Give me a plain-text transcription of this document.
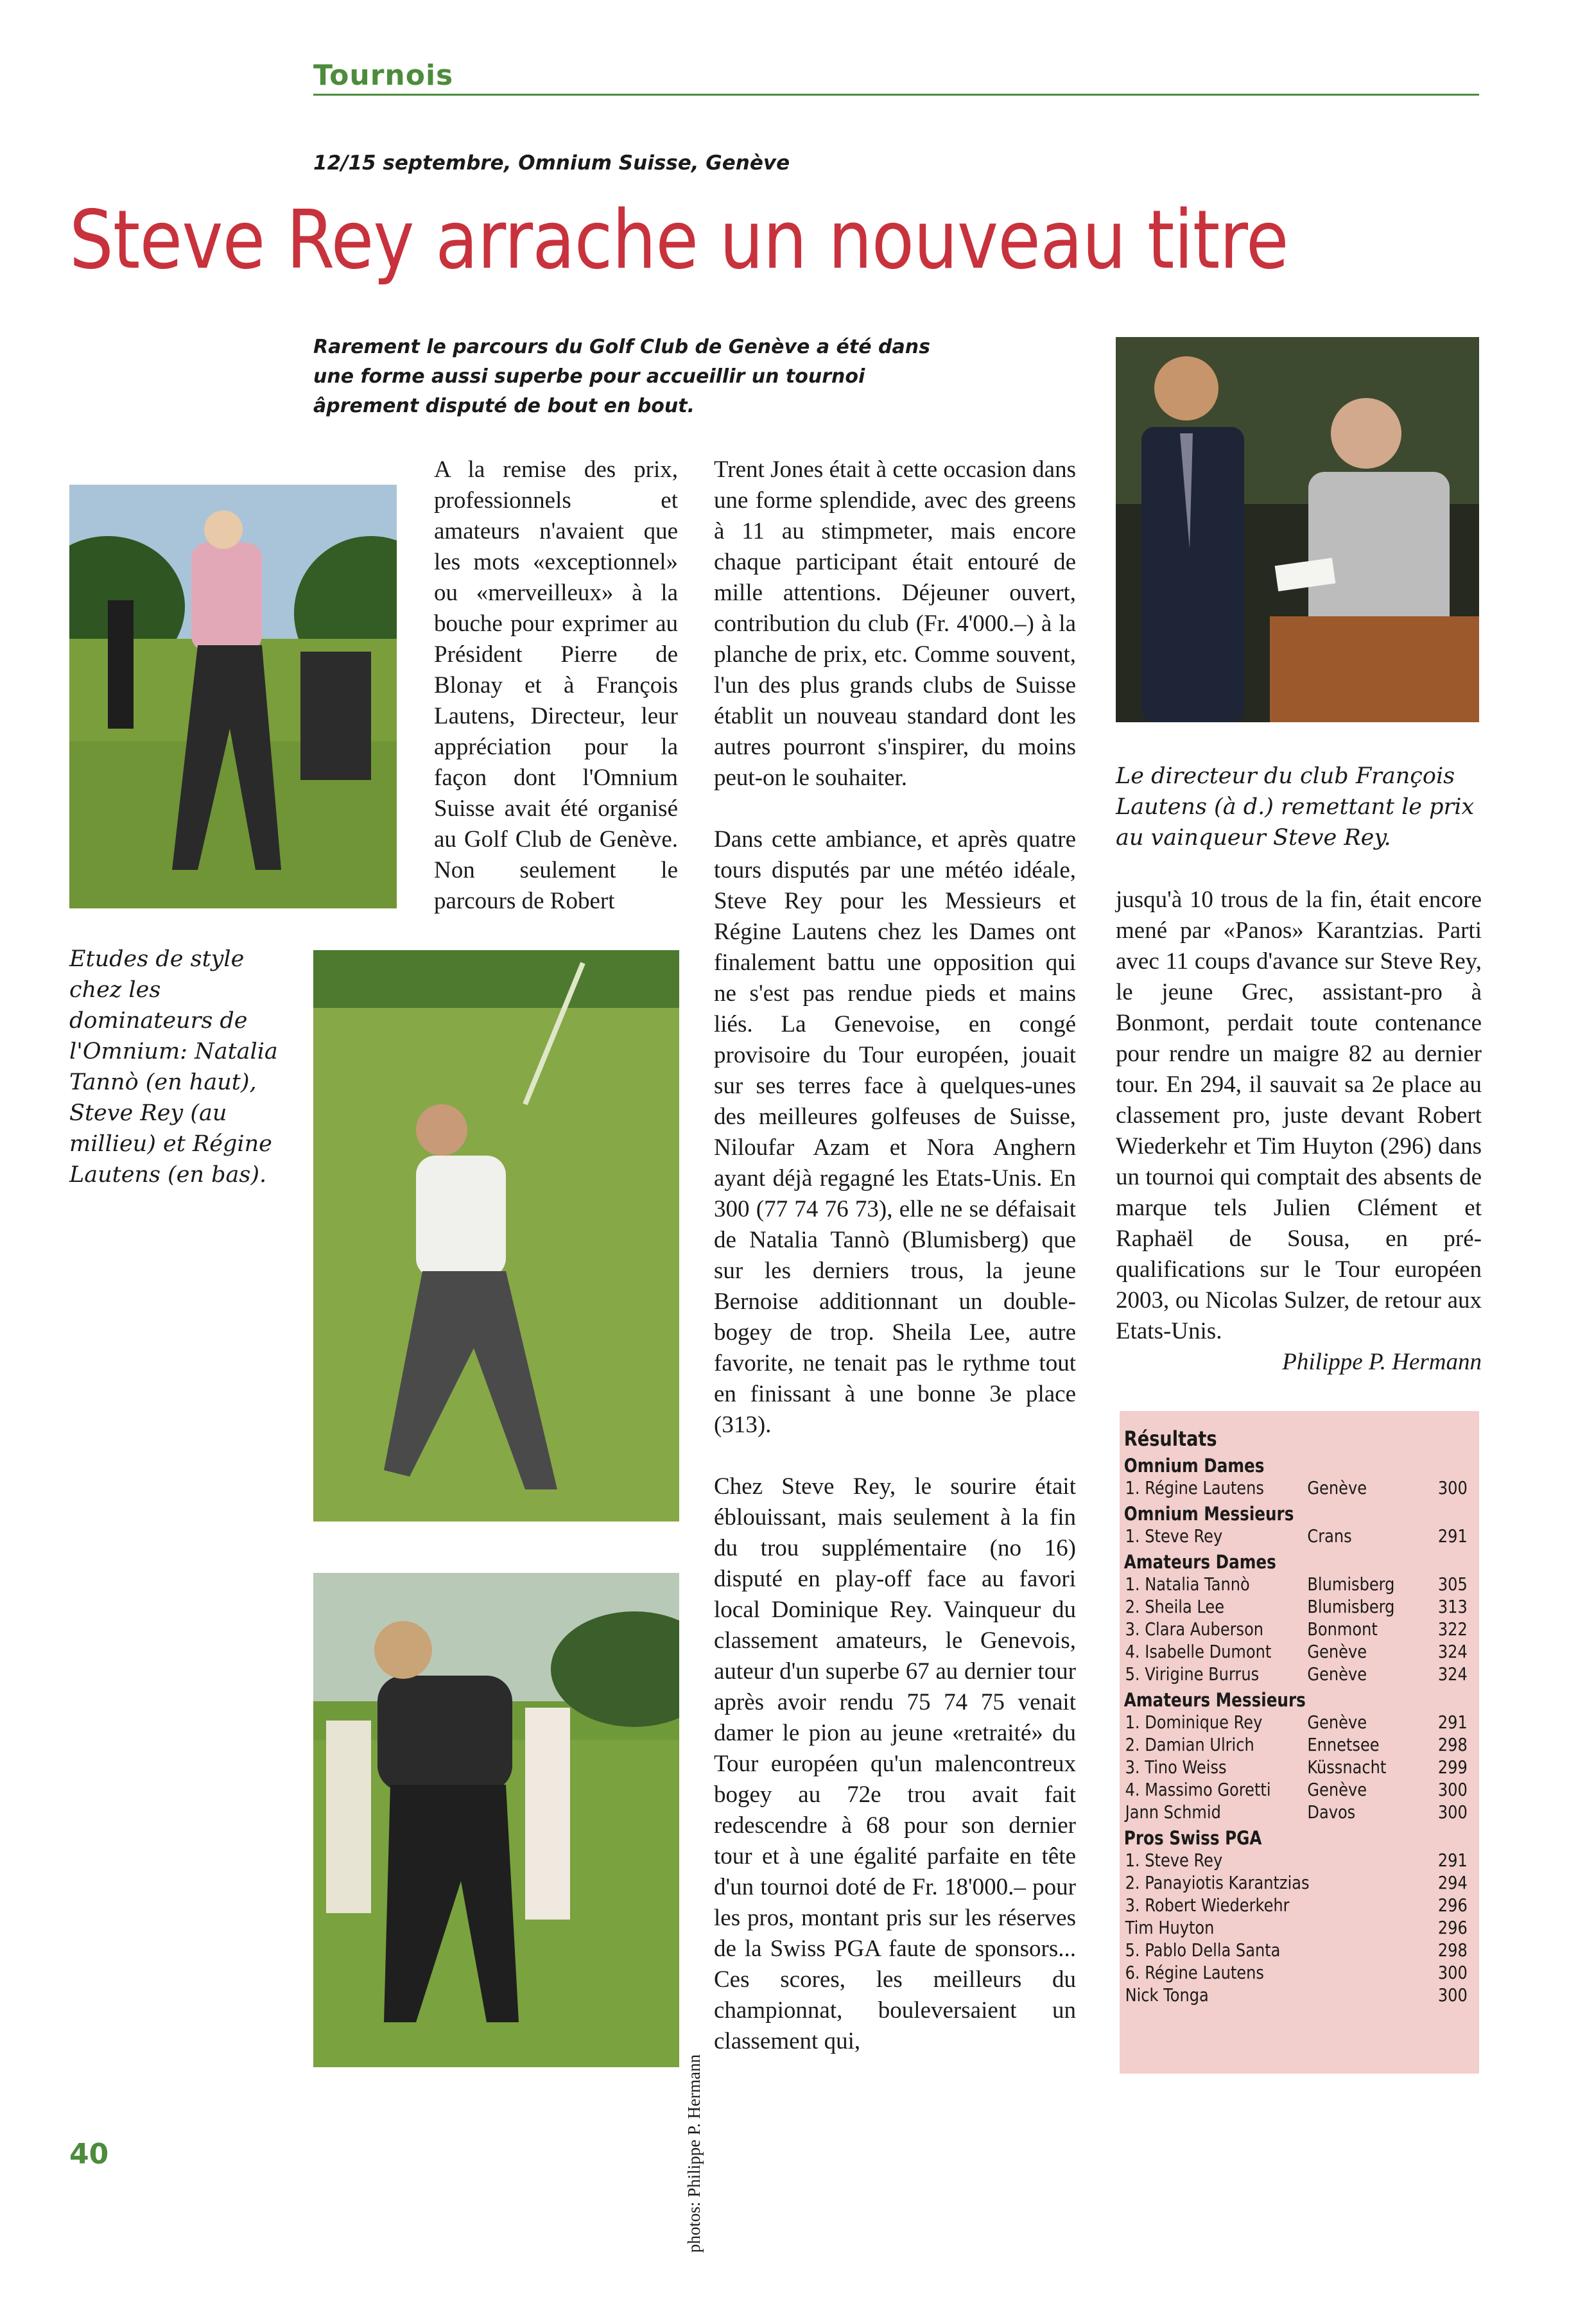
Tournois
12/15 septembre, Omnium Suisse, Genève
Steve Rey arrache un nouveau titre
Rarement le parcours du Golf Club de Genève a été dans une forme aussi superbe pour accueillir un tournoi âprement disputé de bout en bout.
Etudes de style chez les dominateurs de l'Omnium: Natalia Tannò (en haut), Steve Rey (au millieu) et Régine Lautens (en bas).
Le directeur du club François Lautens (à d.) remettant le prix au vainqueur Steve Rey.

A la remise des prix, professionnels et amateurs n'avaient que les mots «exceptionnel» ou «merveilleux» à la bouche pour exprimer au Président Pierre de Blonay et à François Lautens, Directeur, leur appréciation pour la façon dont l'Omnium Suisse avait été organisé au Golf Club de Genève. Non seulement le parcours de Robert

Trent Jones était à cette occasion dans une forme splendide, avec des greens à 11 au stimpmeter, mais encore chaque participant était entouré de mille attentions. Déjeuner ouvert, contribution du club (Fr. 4'000.–) à la planche de prix, etc. Comme souvent, l'un des plus grands clubs de Suisse établit un nouveau standard dont les autres pourront s'inspirer, du moins peut-on le souhaiter.

Dans cette ambiance, et après quatre tours disputés par une météo idéale, Steve Rey pour les Messieurs et Régine Lautens chez les Dames ont finalement battu une opposition qui ne s'est pas rendue pieds et mains liés. La Genevoise, en congé provisoire du Tour européen, jouait sur ses terres face à quelques-unes des meilleures golfeuses de Suisse, Niloufar Azam et Nora Anghern ayant déjà regagné les Etats-Unis. En 300 (77 74 76 73), elle ne se défaisait de Natalia Tannò (Blumisberg) que sur les derniers trous, la jeune Bernoise additionnant un double-bogey de trop. Sheila Lee, autre favorite, ne tenait pas le rythme tout en finissant à une bonne 3e place (313).

Chez Steve Rey, le sourire était éblouissant, mais seulement à la fin du trou supplémentaire (no 16) disputé en play-off face au favori local Dominique Rey. Vainqueur du classement amateurs, le Genevois, auteur d'un superbe 67 au dernier tour après avoir rendu 75 74 75 venait damer le pion au jeune «retraité» du Tour européen qu'un malencontreux bogey au 72e trou avait fait redescendre à 68 pour son dernier tour et à une égalité parfaite en tête d'un tournoi doté de Fr. 18'000.– pour les pros, montant pris sur les réserves de la Swiss PGA faute de sponsors... Ces scores, les meilleurs du championnat, bouleversaient un classement qui,

jusqu'à 10 trous de la fin, était encore mené par «Panos» Karantzias. Parti avec 11 coups d'avance sur Steve Rey, le jeune Grec, assistant-pro à Bonmont, perdait toute contenance pour rendre un maigre 82 au dernier tour. En 294, il sauvait sa 2e place au classement pro, juste devant Robert Wiederkehr et Tim Huyton (296) dans un tournoi qui comptait des absents de marque tels Julien Clément et Raphaël de Sousa, en pré-qualifications sur le Tour européen 2003, ou Nicolas Sulzer, de retour aux Etats-Unis.

Philippe P. Hermann
photos: Philippe P. Hermann
Résultats
Omnium Dames
1. Régine Lautens	Genève	300
Omnium Messieurs
1. Steve Rey	Crans	291
Amateurs Dames
1. Natalia Tannò	Blumisberg	305
2. Sheila Lee	Blumisberg	313
3. Clara Auberson	Bonmont	322
4. Isabelle Dumont	Genève	324
5. Virigine Burrus	Genève	324
Amateurs Messieurs
1. Dominique Rey	Genève	291
2. Damian Ulrich	Ennetsee	298
3. Tino Weiss	Küssnacht	299
4. Massimo Goretti	Genève	300
Jann Schmid	Davos	300
Pros Swiss PGA
1. Steve Rey	291
2. Panayiotis Karantzias	294
3. Robert Wiederkehr	296
Tim Huyton	296
5. Pablo Della Santa	298
6. Régine Lautens	300
Nick Tonga	300
40
